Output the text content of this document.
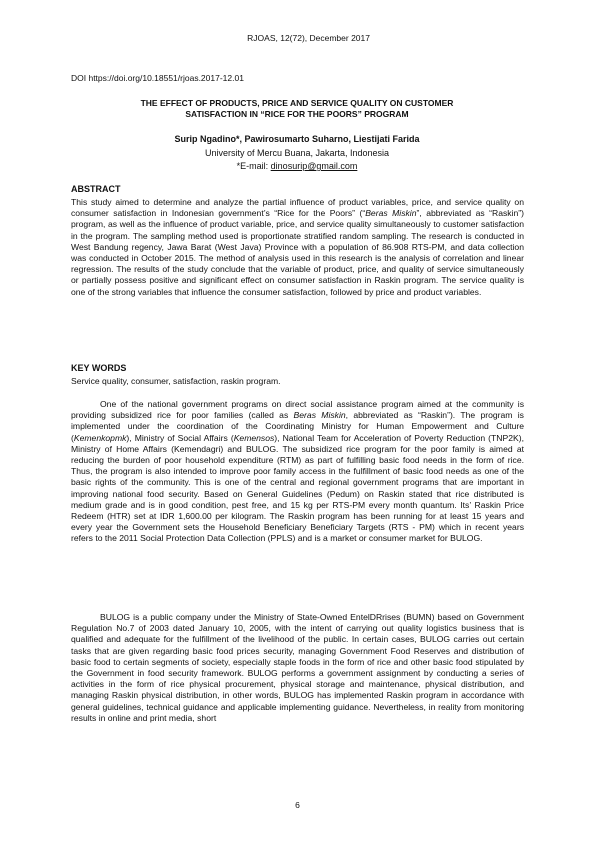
RJOAS, 12(72), December 2017
DOI https://doi.org/10.18551/rjoas.2017-12.01
THE EFFECT OF PRODUCTS, PRICE AND SERVICE QUALITY ON CUSTOMER
SATISFACTION IN “RICE FOR THE POORS” PROGRAM
Surip Ngadino*, Pawirosumarto Suharno, Liestijati Farida
University of Mercu Buana, Jakarta, Indonesia
*E-mail: dinosurip@gmail.com
ABSTRACT

This study aimed to determine and analyze the partial influence of product variables, price, and service quality on consumer satisfaction in Indonesian government’s “Rice for the Poors” (“Beras Miskin”, abbreviated as “Raskin”) program, as well as the influence of product variable, price, and service quality simultaneously to customer satisfaction in the program. The sampling method used is proportionate stratified random sampling. The research is conducted in West Bandung regency, Jawa Barat (West Java) Province with a population of 86.908 RTS-PM, and data collection was conducted in October 2015. The method of analysis used in this research is the analysis of correlation and linear regression. The results of the study conclude that the variable of product, price, and quality of service simultaneously or partially possess positive and significant effect on consumer satisfaction in Raskin program. The service quality is one of the strong variables that influence the consumer satisfaction, followed by price and product variables.

KEY WORDS

Service quality, consumer, satisfaction, raskin program.

One of the national government programs on direct social assistance program aimed at the community is providing subsidized rice for poor families (called as Beras Miskin, abbreviated as “Raskin”). The program is implemented under the coordination of the Coordinating Ministry for Human Empowerment and Culture (Kemenkopmk), Ministry of Social Affairs (Kemensos), National Team for Acceleration of Poverty Reduction (TNP2K), Ministry of Home Affairs (Kemendagri) and BULOG. The subsidized rice program for the poor family is aimed at reducing the burden of poor household expenditure (RTM) as part of fulfilling basic food needs in the form of rice. Thus, the program is also intended to improve poor family access in the fulfillment of basic food needs as one of the basic rights of the community. This is one of the central and regional government programs that are important in improving national food security. Based on General Guidelines (Pedum) on Raskin stated that rice distributed is medium grade and is in good condition, pest free, and 15 kg per RTS-PM every month quantum. Its’ Raskin Price Redeem (HTR) set at IDR 1,600.00 per kilogram. The Raskin program has been running for at least 15 years and every year the Government sets the Household Beneficiary Beneficiary Targets (RTS - PM) which in recent years refers to the 2011 Social Protection Data Collection (PPLS) and is a market or consumer market for BULOG.

BULOG is a public company under the Ministry of State-Owned EntelDRrises (BUMN) based on Government Regulation No.7 of 2003 dated January 10, 2005, with the intent of carrying out quality logistics business that is qualified and adequate for the fulfillment of the livelihood of the public. In certain cases, BULOG carries out certain tasks that are given regarding basic food prices security, managing Government Food Reserves and distribution of basic food to certain segments of society, especially staple foods in the form of rice and other basic food stipulated by the Government in food security framework. BULOG performs a government assignment by conducting a series of activities in the form of rice physical procurement, physical storage and maintenance, physical distribution, and managing Raskin physical distribution, in other words, BULOG has implemented Raskin program in accordance with general guidelines, technical guidance and applicable implementing guidance. Nevertheless, in reality from monitoring results in online and print media, short

6
